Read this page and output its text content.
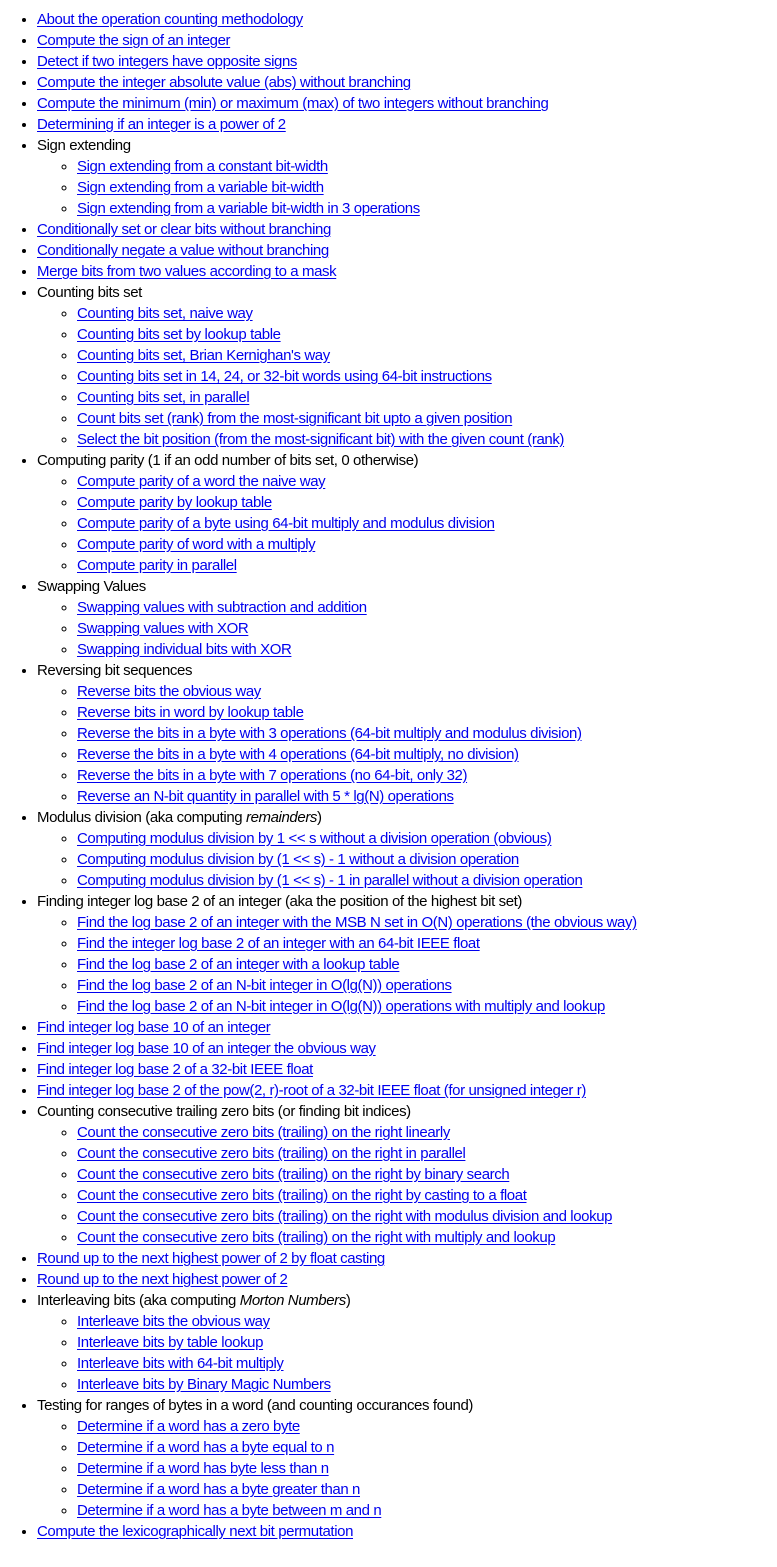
• About the operation counting methodology
• Compute the sign of an integer
• Detect if two integers have opposite signs
• Compute the integer absolute value (abs) without branching
• Compute the minimum (min) or maximum (max) of two integers without branching
• Determining if an integer is a power of 2
• Sign extending
◦ Sign extending from a constant bit-width
◦ Sign extending from a variable bit-width
◦ Sign extending from a variable bit-width in 3 operations
• Conditionally set or clear bits without branching
• Conditionally negate a value without branching
• Merge bits from two values according to a mask
• Counting bits set
◦ Counting bits set, naive way
◦ Counting bits set by lookup table
◦ Counting bits set, Brian Kernighan's way
◦ Counting bits set in 14, 24, or 32-bit words using 64-bit instructions
◦ Counting bits set, in parallel
◦ Count bits set (rank) from the most-significant bit upto a given position
◦ Select the bit position (from the most-significant bit) with the given count (rank)
• Computing parity (1 if an odd number of bits set, 0 otherwise)
◦ Compute parity of a word the naive way
◦ Compute parity by lookup table
◦ Compute parity of a byte using 64-bit multiply and modulus division
◦ Compute parity of word with a multiply
◦ Compute parity in parallel
• Swapping Values
◦ Swapping values with subtraction and addition
◦ Swapping values with XOR
◦ Swapping individual bits with XOR
• Reversing bit sequences
◦ Reverse bits the obvious way
◦ Reverse bits in word by lookup table
◦ Reverse the bits in a byte with 3 operations (64-bit multiply and modulus division)
◦ Reverse the bits in a byte with 4 operations (64-bit multiply, no division)
◦ Reverse the bits in a byte with 7 operations (no 64-bit, only 32)
◦ Reverse an N-bit quantity in parallel with 5 * lg(N) operations
• Modulus division (aka computing remainders)
◦ Computing modulus division by 1 << s without a division operation (obvious)
◦ Computing modulus division by (1 << s) - 1 without a division operation
◦ Computing modulus division by (1 << s) - 1 in parallel without a division operation
• Finding integer log base 2 of an integer (aka the position of the highest bit set)
◦ Find the log base 2 of an integer with the MSB N set in O(N) operations (the obvious way)
◦ Find the integer log base 2 of an integer with an 64-bit IEEE float
◦ Find the log base 2 of an integer with a lookup table
◦ Find the log base 2 of an N-bit integer in O(lg(N)) operations
◦ Find the log base 2 of an N-bit integer in O(lg(N)) operations with multiply and lookup
• Find integer log base 10 of an integer
• Find integer log base 10 of an integer the obvious way
• Find integer log base 2 of a 32-bit IEEE float
• Find integer log base 2 of the pow(2, r)-root of a 32-bit IEEE float (for unsigned integer r)
• Counting consecutive trailing zero bits (or finding bit indices)
◦ Count the consecutive zero bits (trailing) on the right linearly
◦ Count the consecutive zero bits (trailing) on the right in parallel
◦ Count the consecutive zero bits (trailing) on the right by binary search
◦ Count the consecutive zero bits (trailing) on the right by casting to a float
◦ Count the consecutive zero bits (trailing) on the right with modulus division and lookup
◦ Count the consecutive zero bits (trailing) on the right with multiply and lookup
• Round up to the next highest power of 2 by float casting
• Round up to the next highest power of 2
• Interleaving bits (aka computing Morton Numbers)
◦ Interleave bits the obvious way
◦ Interleave bits by table lookup
◦ Interleave bits with 64-bit multiply
◦ Interleave bits by Binary Magic Numbers
• Testing for ranges of bytes in a word (and counting occurances found)
◦ Determine if a word has a zero byte
◦ Determine if a word has a byte equal to n
◦ Determine if a word has byte less than n
◦ Determine if a word has a byte greater than n
◦ Determine if a word has a byte between m and n
• Compute the lexicographically next bit permutation
